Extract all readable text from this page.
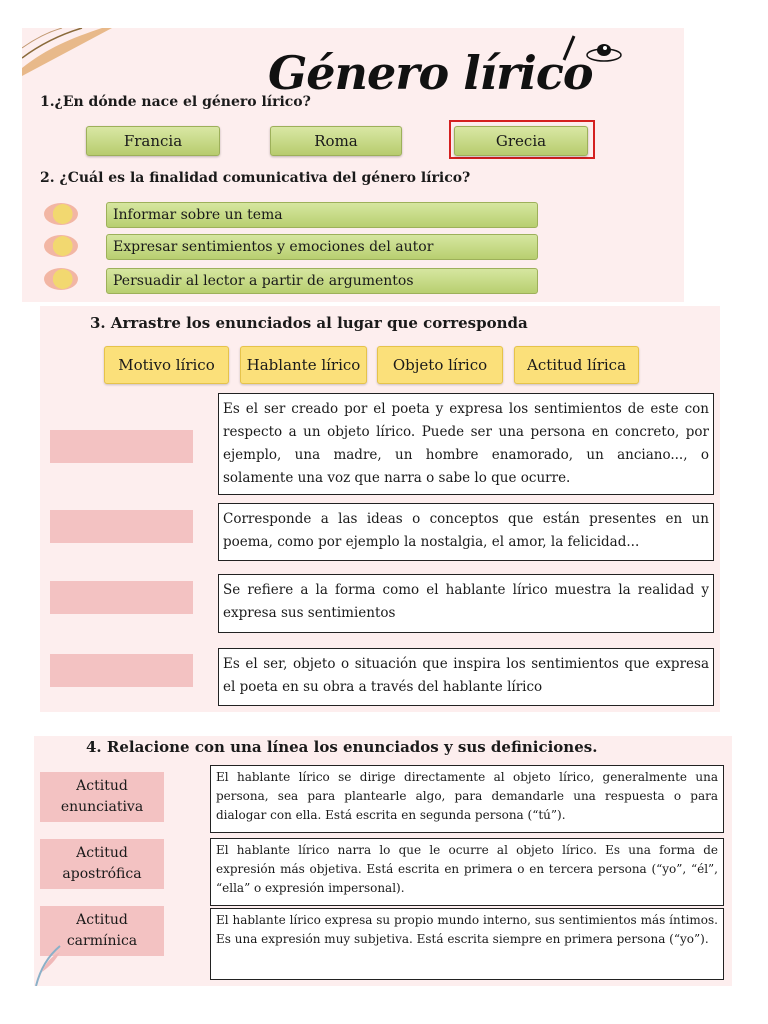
Género lírico
1.¿En dónde nace el género lírico?
Francia	Roma	Grecia
2. ¿Cuál es la finalidad comunicativa del género lírico?
Informar sobre un tema
Expresar sentimientos y emociones del autor
Persuadir al lector a partir de argumentos
3. Arrastre los enunciados al lugar que corresponda
Motivo lírico	Hablante lírico	Objeto lírico	Actitud lírica
Es el ser creado por el poeta y expresa los sentimientos de este con respecto a un objeto lírico. Puede ser una persona en concreto, por ejemplo, una madre, un hombre enamorado, un anciano..., o solamente una voz que narra o sabe lo que ocurre.
Corresponde a las ideas o conceptos que están presentes en un poema, como por ejemplo la nostalgia, el amor, la felicidad...
Se refiere a la forma como el hablante lírico muestra la realidad y expresa sus sentimientos
Es el ser, objeto o situación que inspira los sentimientos que expresa el poeta en su obra a través del hablante lírico
4. Relacione con una línea los enunciados y sus definiciones.
Actitud
enunciativa
El hablante lírico se dirige directamente al objeto lírico, generalmente una persona, sea para plantearle algo, para demandarle una respuesta o para dialogar con ella. Está escrita en segunda persona (“tú”).
Actitud
apostrófica
El hablante lírico narra lo que le ocurre al objeto lírico. Es una forma de expresión más objetiva. Está escrita en primera o en tercera persona (“yo”, “él”, “ella” o expresión impersonal).
Actitud
carmínica
El hablante lírico expresa su propio mundo interno, sus sentimientos más íntimos. Es una expresión muy subjetiva. Está escrita siempre en primera persona (“yo”).
